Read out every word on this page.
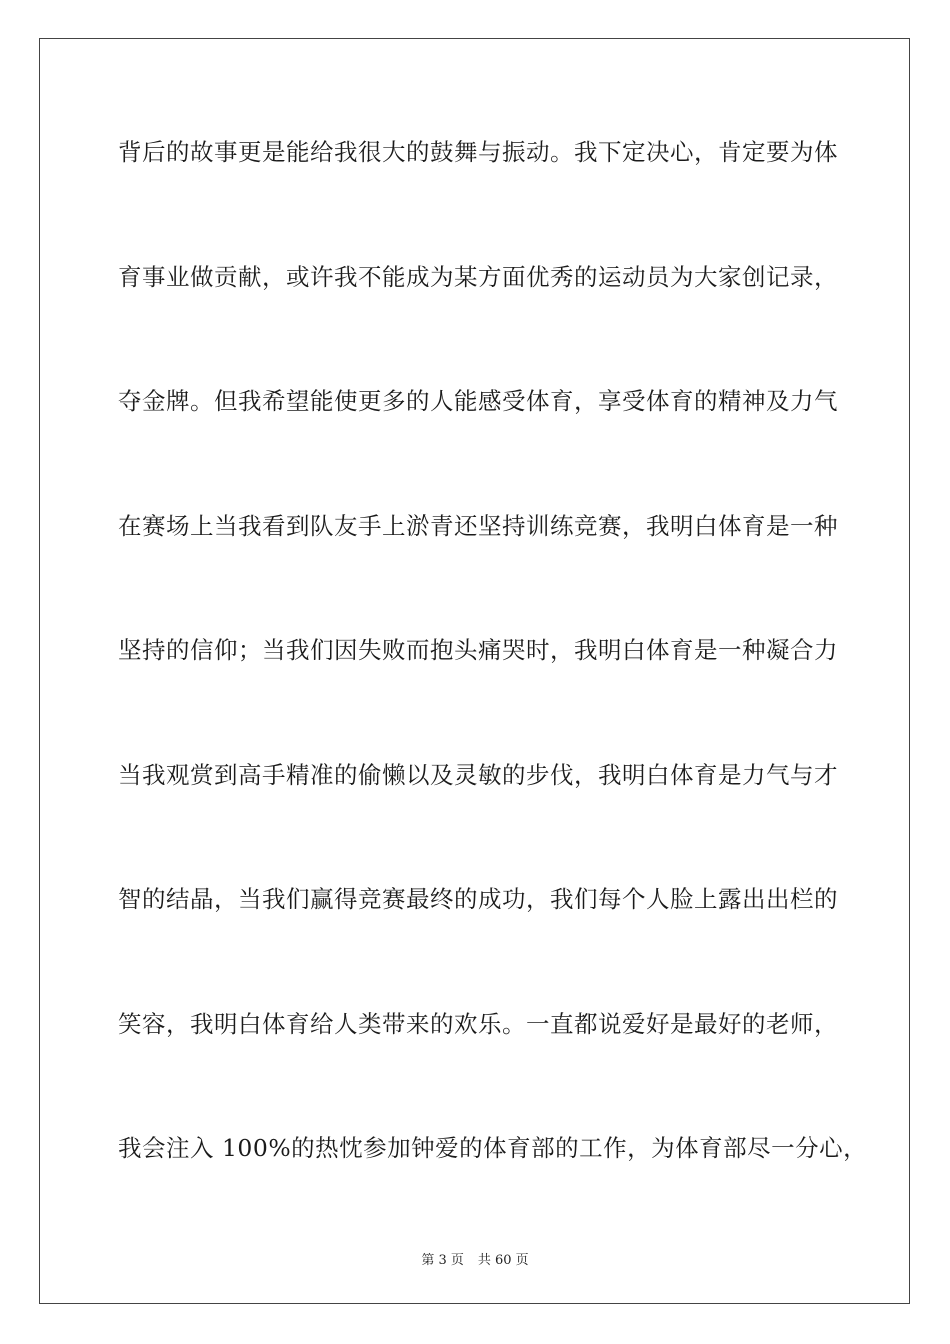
背后的故事更是能给我很大的鼓舞与振动。我下定决心，肯定要为体
育事业做贡献，或许我不能成为某方面优秀的运动员为大家创记录，
夺金牌。但我希望能使更多的人能感受体育，享受体育的精神及力气
在赛场上当我看到队友手上淤青还坚持训练竞赛，我明白体育是一种
坚持的信仰；当我们因失败而抱头痛哭时，我明白体育是一种凝合力
当我观赏到高手精准的偷懒以及灵敏的步伐，我明白体育是力气与才
智的结晶，当我们赢得竞赛最终的成功，我们每个人脸上露出出栏的
笑容，我明白体育给人类带来的欢乐。一直都说爱好是最好的老师，
我会注入 100%的热忱参加钟爱的体育部的工作，为体育部尽一分心，
第 3 页 共 60 页
